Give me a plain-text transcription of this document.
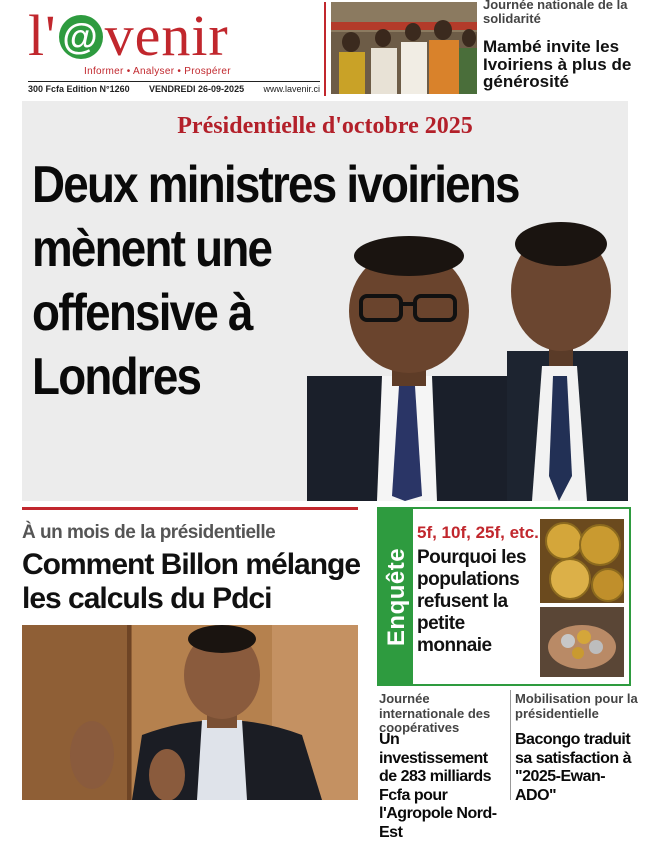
l' @ venir
Informer • Analyser • Prospérer
300 Fcfa Edition N°1260 VENDREDI 26-09-2025 www.lavenir.ci
Journée nationale de la solidarité
Mambé invite les Ivoiriens à plus de générosité
Présidentielle d'octobre 2025
Deux ministres ivoiriens
mènent une
offensive à
Londres
À un mois de la présidentielle
Comment Billon mélange les calculs du Pdci	Enquête
5f, 10f, 25f, etc.
Pourquoi les populations refusent la petite monnaie
Journée internationale des coopératives
Un investissement de 283 milliards Fcfa pour l'Agropole Nord-Est
Mobilisation pour la présidentielle
Bacongo traduit sa satisfaction à "2025-Ewan-ADO"
